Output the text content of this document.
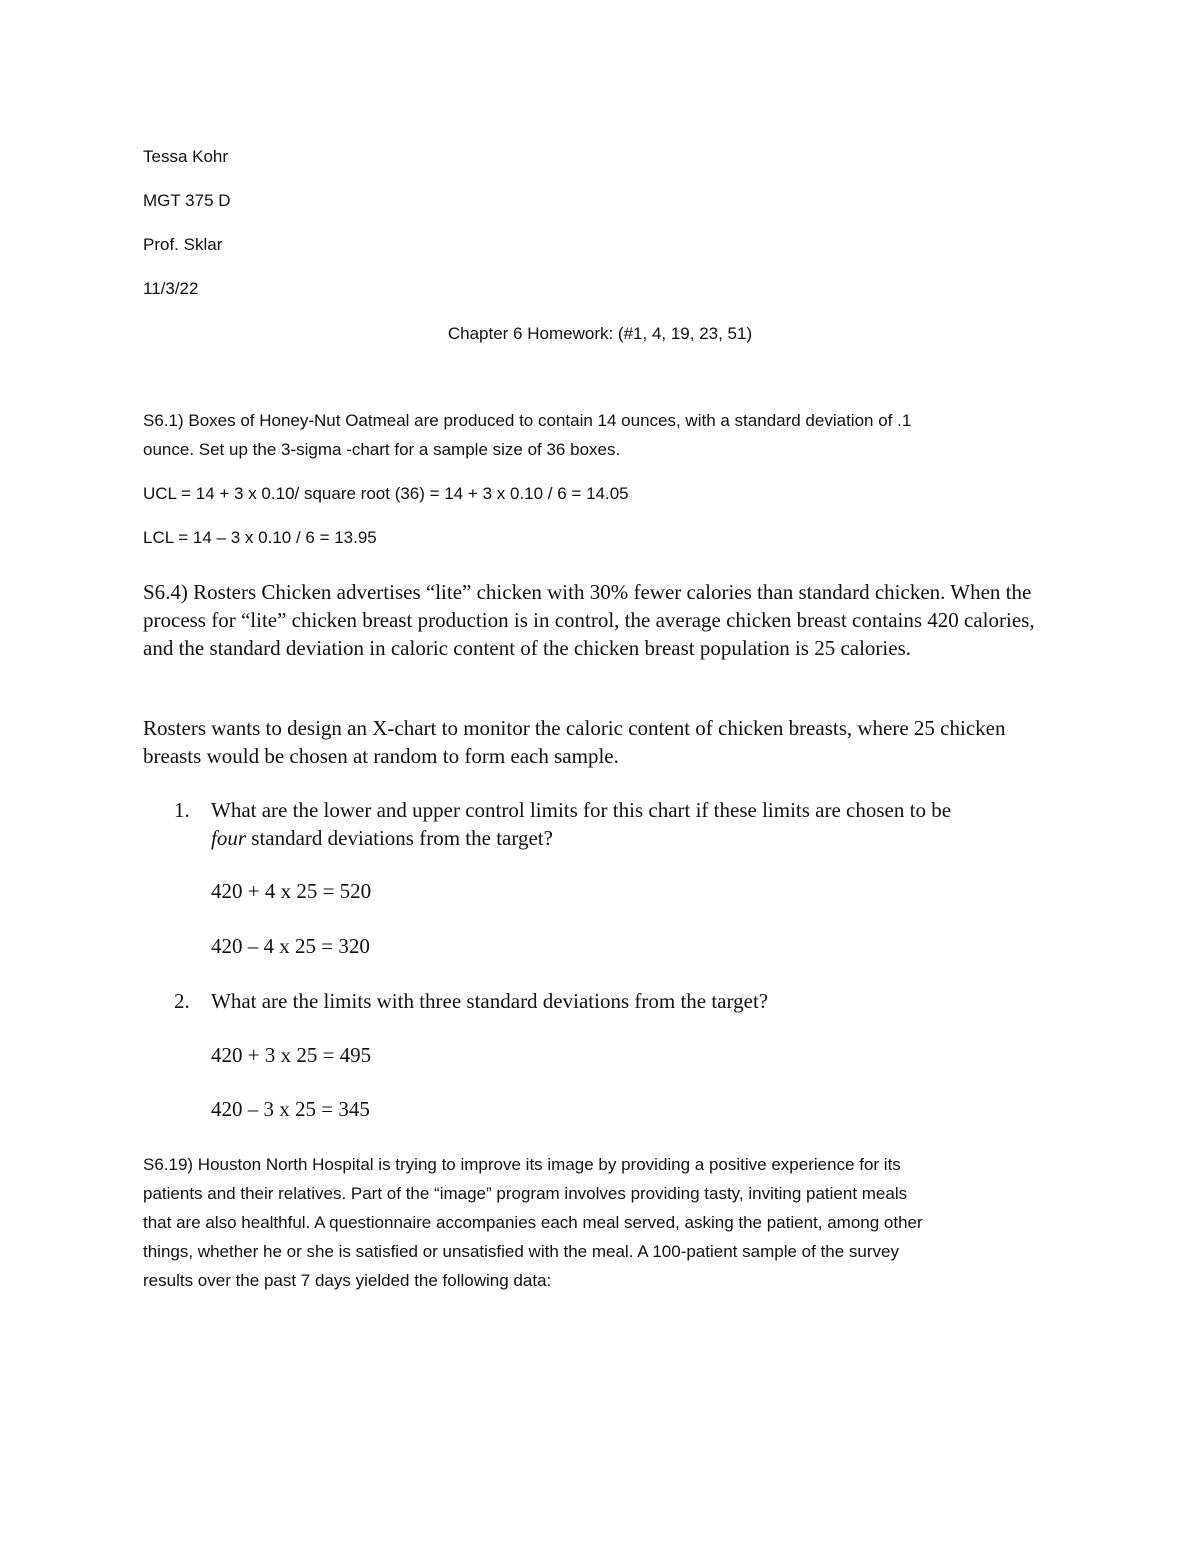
Tessa Kohr

MGT 375 D

Prof. Sklar

11/3/22

Chapter 6 Homework: (#1, 4, 19, 23, 51)

S6.1) Boxes of Honey-Nut Oatmeal are produced to contain 14 ounces, with a standard deviation of .1

ounce. Set up the 3-sigma -chart for a sample size of 36 boxes.

UCL = 14 + 3 x 0.10/ square root (36) = 14 + 3 x 0.10 / 6 = 14.05

LCL = 14 – 3 x 0.10 / 6 = 13.95

S6.4) Rosters Chicken advertises “lite” chicken with 30% fewer calories than standard chicken. When the process for “lite” chicken breast production is in control, the average chicken breast contains 420 calories, and the standard deviation in caloric content of the chicken breast population is 25 calories.

Rosters wants to design an X-chart to monitor the caloric content of chicken breasts, where 25 chicken breasts would be chosen at random to form each sample.

1. What are the lower and upper control limits for this chart if these limits are chosen to be
four standard deviations from the target?

420 + 4 x 25 = 520

420 – 4 x 25 = 320

2. What are the limits with three standard deviations from the target?

420 + 3 x 25 = 495

420 – 3 x 25 = 345

S6.19) Houston North Hospital is trying to improve its image by providing a positive experience for its

patients and their relatives. Part of the “image” program involves providing tasty, inviting patient meals

that are also healthful. A questionnaire accompanies each meal served, asking the patient, among other

things, whether he or she is satisfied or unsatisfied with the meal. A 100-patient sample of the survey

results over the past 7 days yielded the following data:
